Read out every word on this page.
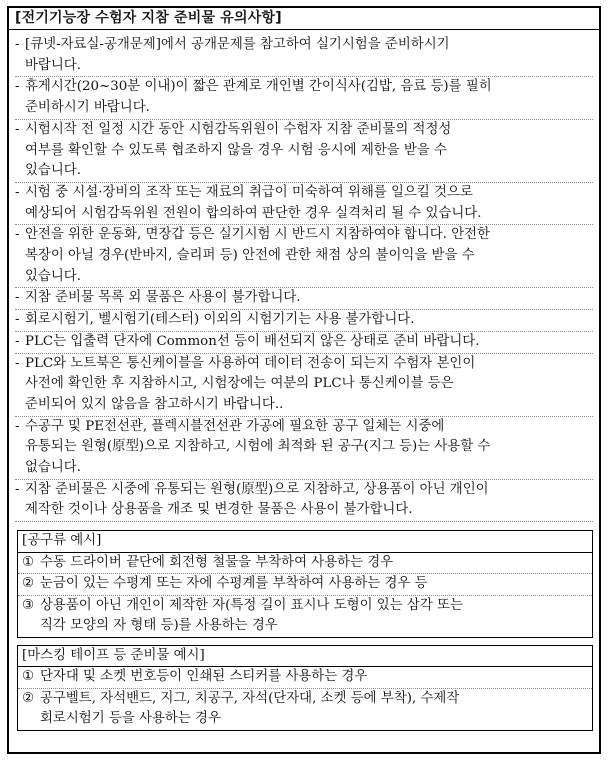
[전기기능장 수험자 지참 준비물 유의사항]
- [큐넷-자료실-공개문제]에서 공개문제를 참고하여 실기시험을 준비하시기
바랍니다.
- 휴게시간(20~30분 이내)이 짧은 관계로 개인별 간이식사(김밥, 음료 등)를 필히
준비하시기 바랍니다.
- 시험시작 전 일정 시간 동안 시험감독위원이 수험자 지참 준비물의 적정성
여부를 확인할 수 있도록 협조하지 않을 경우 시험 응시에 제한을 받을 수
있습니다.
- 시험 중 시설·장비의 조작 또는 재료의 취급이 미숙하여 위해를 일으킬 것으로
예상되어 시험감독위원 전원이 합의하여 판단한 경우 실격처리 될 수 있습니다.
- 안전을 위한 운동화, 면장갑 등은 실기시험 시 반드시 지참하여야 합니다. 안전한
복장이 아닐 경우(반바지, 슬리퍼 등) 안전에 관한 채점 상의 불이익을 받을 수
있습니다.
- 지참 준비물 목록 외 물품은 사용이 불가합니다.
- 회로시험기, 벨시험기(테스터) 이외의 시험기기는 사용 불가합니다.
- PLC는 입출력 단자에 Common선 등이 배선되지 않은 상태로 준비 바랍니다.
- PLC와 노트북은 통신케이블을 사용하여 데이터 전송이 되는지 수험자 본인이
사전에 확인한 후 지참하시고, 시험장에는 여분의 PLC나 통신케이블 등은
준비되어 있지 않음을 참고하시기 바랍니다..
- 수공구 및 PE전선관, 플렉시블전선관 가공에 필요한 공구 일체는 시중에
유통되는 원형(原型)으로 지참하고, 시험에 최적화 된 공구(지그 등)는 사용할 수
없습니다.
- 지참 준비물은 시중에 유통되는 원형(原型)으로 지참하고, 상용품이 아닌 개인이
제작한 것이나 상용품을 개조 및 변경한 물품은 사용이 불가합니다.
[공구류 예시]
① 수동 드라이버 끝단에 회전형 철물을 부착하여 사용하는 경우
② 눈금이 있는 수평계 또는 자에 수평계를 부착하여 사용하는 경우 등
③ 상용품이 아닌 개인이 제작한 자(특정 길이 표시나 도형이 있는 삼각 또는
직각 모양의 자 형태 등)를 사용하는 경우
[마스킹 테이프 등 준비물 예시]
① 단자대 및 소켓 번호등이 인쇄된 스티커를 사용하는 경우
② 공구벨트, 자석밴드, 지그, 치공구, 자석(단자대, 소켓 등에 부착), 수제작
회로시험기 등을 사용하는 경우
